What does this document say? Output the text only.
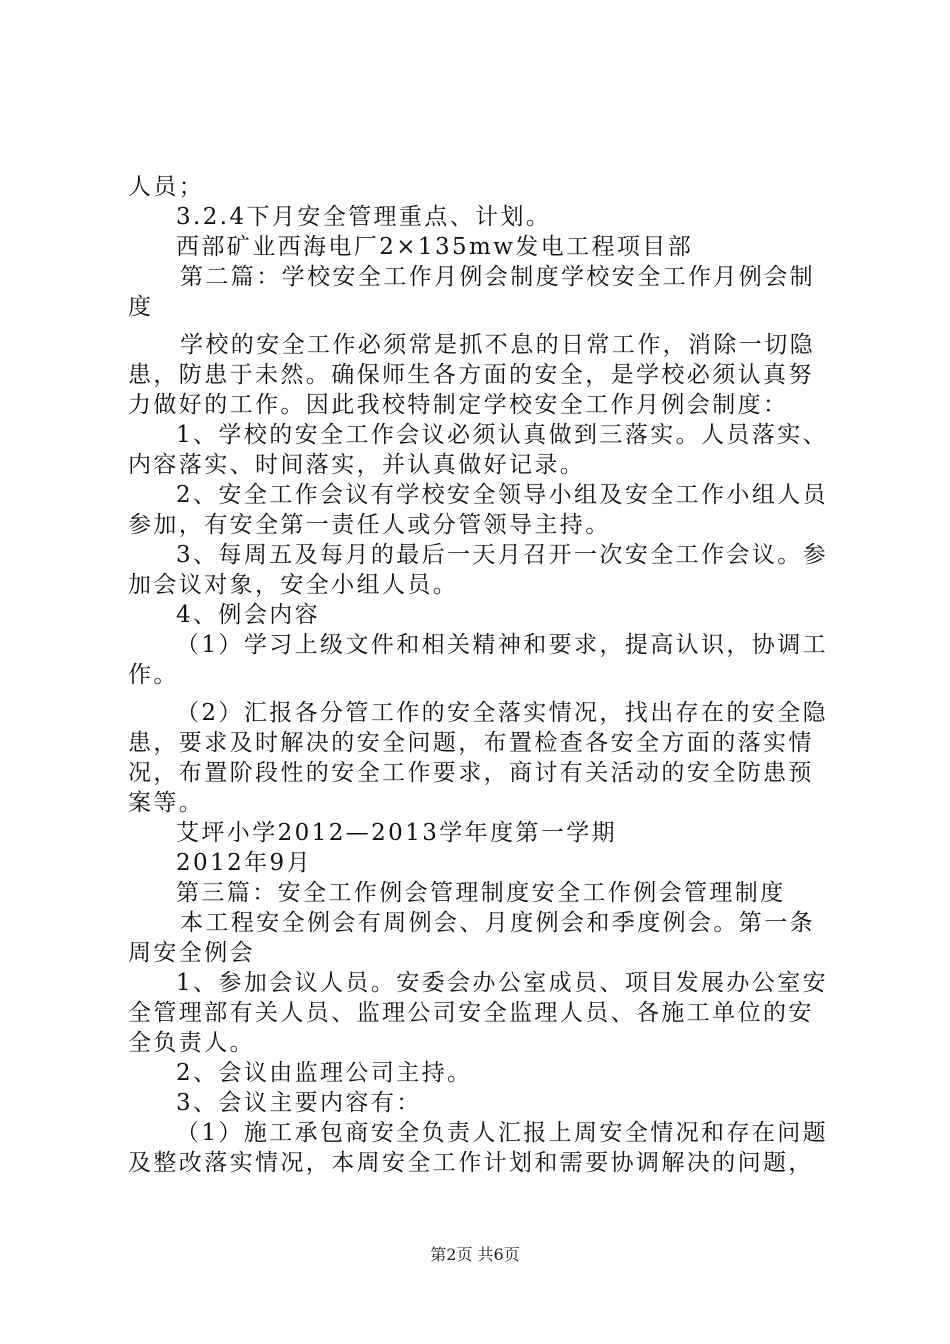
人员；
3.2.4下月安全管理重点、计划。
西部矿业西海电厂2×135mw发电工程项目部
第二篇：学校安全工作月例会制度学校安全工作月例会制
度
学校的安全工作必须常是抓不息的日常工作，消除一切隐
患，防患于未然。确保师生各方面的安全，是学校必须认真努
力做好的工作。因此我校特制定学校安全工作月例会制度：
1、学校的安全工作会议必须认真做到三落实。人员落实、
内容落实、时间落实，并认真做好记录。
2、安全工作会议有学校安全领导小组及安全工作小组人员
参加，有安全第一责任人或分管领导主持。
3、每周五及每月的最后一天月召开一次安全工作会议。参
加会议对象，安全小组人员。
4、例会内容
（1）学习上级文件和相关精神和要求，提高认识，协调工
作。
（2）汇报各分管工作的安全落实情况，找出存在的安全隐
患，要求及时解决的安全问题，布置检查各安全方面的落实情
况，布置阶段性的安全工作要求，商讨有关活动的安全防患预
案等。
艾坪小学2012—2013学年度第一学期
2012年9月
第三篇：安全工作例会管理制度安全工作例会管理制度
本工程安全例会有周例会、月度例会和季度例会。第一条
周安全例会
1、参加会议人员。安委会办公室成员、项目发展办公室安
全管理部有关人员、监理公司安全监理人员、各施工单位的安
全负责人。
2、会议由监理公司主持。
3、会议主要内容有：
（1）施工承包商安全负责人汇报上周安全情况和存在问题
及整改落实情况，本周安全工作计划和需要协调解决的问题，
第2页 共6页
